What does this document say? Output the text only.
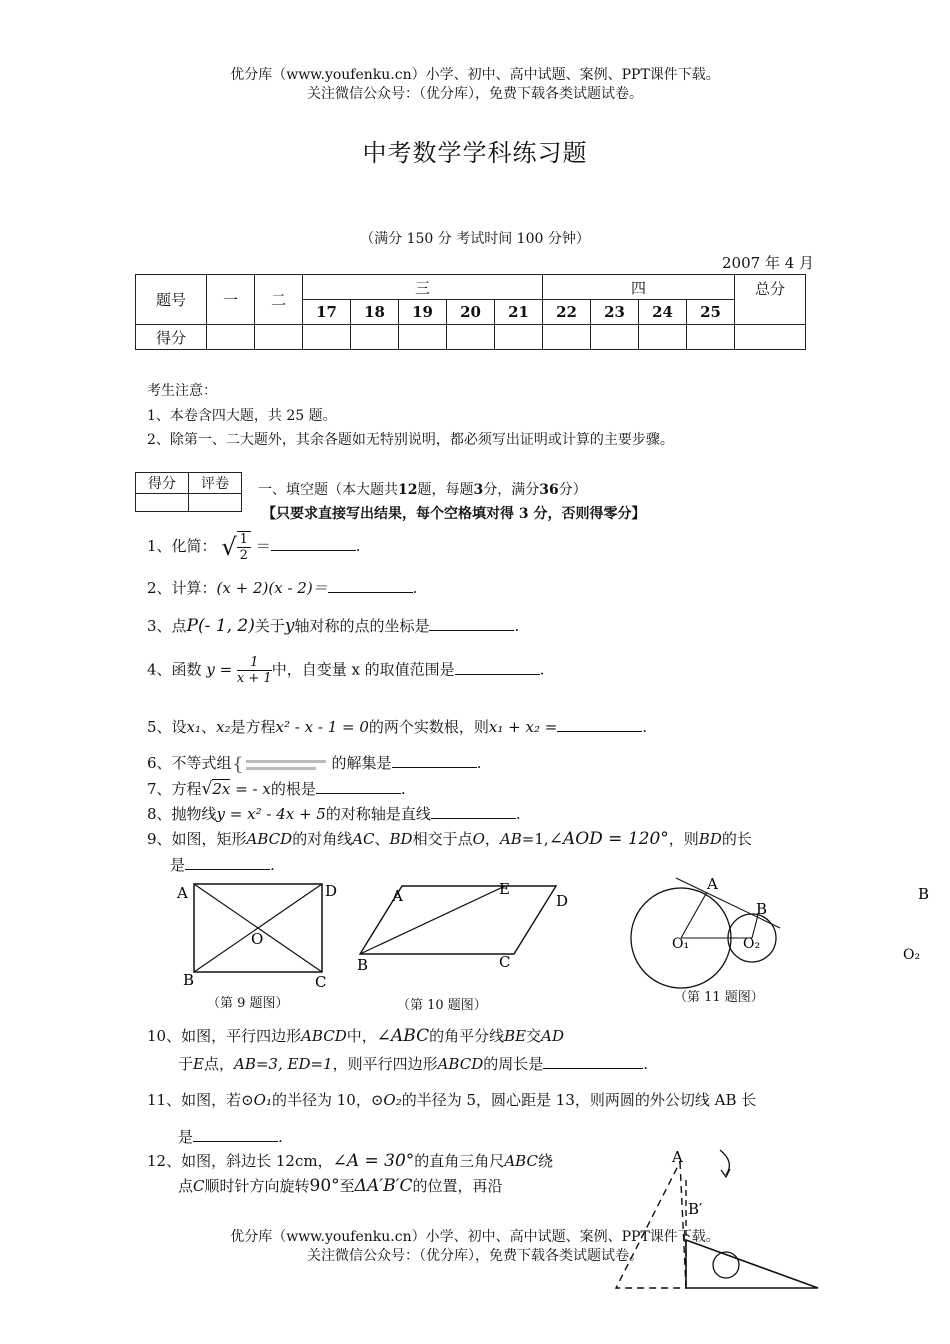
优分库（www.youfenku.cn）小学、初中、高中试题、案例、PPT课件下载。
关注微信公众号：（优分库），免费下载各类试题试卷。
中考数学学科练习题
（满分 150 分 考试时间 100 分钟）
2007 年 4 月
题号	一	二	三					四				总分
			17	18	19	20	21	22	23	24	25	
得分												
考生注意：
1、本卷含四大题，共 25 题。
2、除第一、二大题外，其余各题如无特别说明，都必须写出证明或计算的主要步骤。
得分	评卷
	一、填空题（本大题共12题，每题3分，满分36分）
【只要求直接写出结果，每个空格填对得 3 分，否则得零分】
1、化简： √ $\frac{1}{2}$ ＝	.
2、计算：(x + 2)(x - 2)＝	.
3、点P(- 1, 2)关于y轴对称的点的坐标是	.
4、函数 $y = \frac{1}{x + 1}$ 中，自变量 x 的取值范围是	.
5、设x₁、x₂是方程x² - x - 1 = 0的两个实数根，则x₁ + x₂ =	.
6、不等式组 {	的解集是	.
7、方程√2x = - x的根是	.
8、抛物线y = x² - 4x + 5的对称轴是直线	.
9、如图，矩形ABCD的对角线AC、BD相交于点O，AB=1,∠AOD = 120°，则BD的长
是	.
A	D
O
B	C
A	E
D
B	C
A
B
O₁	O₂
B
O₂
（第 9 题图）	（第 10 题图）
（第 11 题图）
10、如图，平行四边形ABCD中，∠ABC的角平分线BE交AD
于E点，AB=3, ED=1，则平行四边形ABCD的周长是	.
11、如图，若⊙O₁的半径为 10，⊙O₂的半径为 5，圆心距是 13，则两圆的外公切线 AB 长
是	.
12、如图，斜边长 12cm，∠A = 30°的直角三角尺ABC绕
点C顺时针方向旋转90°至ΔA′B′C的位置，再沿
A
B′
优分库（www.youfenku.cn）小学、初中、高中试题、案例、PPT课件下载。
关注微信公众号：（优分库），免费下载各类试题试卷。
